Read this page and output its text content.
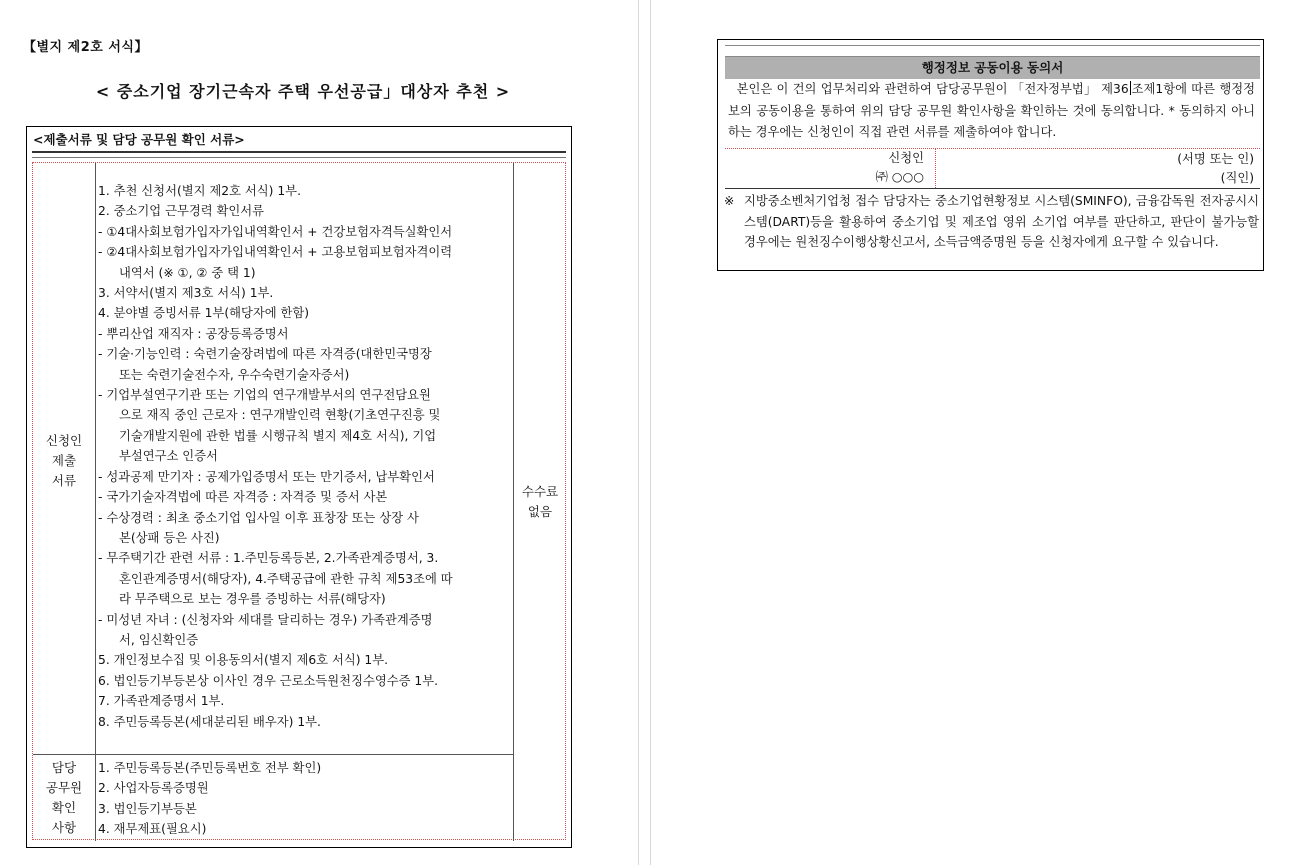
【별지 제2호 서식】
< 중소기업 장기근속자 주택 우선공급」대상자 추천 >
<제출서류 및 담당 공무원 확인 서류>
신청인
제출
서류
1. 추천 신청서(별지 제2호 서식) 1부.
2. 중소기업 근무경력 확인서류
- ①4대사회보험가입자가입내역확인서 + 건강보험자격득실확인서
- ②4대사회보험가입자가입내역확인서 + 고용보험피보험자격이력
내역서 (※ ①, ② 중 택 1)
3. 서약서(별지 제3호 서식) 1부.
4. 분야별 증빙서류 1부(해당자에 한함)
- 뿌리산업 재직자 : 공장등록증명서
- 기술·기능인력 : 숙련기술장려법에 따른 자격증(대한민국명장
또는 숙련기술전수자, 우수숙련기술자증서)
- 기업부설연구기관 또는 기업의 연구개발부서의 연구전담요원
으로 재직 중인 근로자 : 연구개발인력 현황(기초연구진흥 및
기술개발지원에 관한 법률 시행규칙 별지 제4호 서식), 기업
부설연구소 인증서
- 성과공제 만기자 : 공제가입증명서 또는 만기증서, 납부확인서
- 국가기술자격법에 따른 자격증 : 자격증 및 증서 사본
- 수상경력 : 최초 중소기업 입사일 이후 표창장 또는 상장 사
본(상패 등은 사진)
- 무주택기간 관련 서류 : 1.주민등록등본, 2.가족관계증명서, 3.
혼인관계증명서(해당자), 4.주택공급에 관한 규칙 제53조에 따
라 무주택으로 보는 경우를 증빙하는 서류(해당자)
- 미성년 자녀 : (신청자와 세대를 달리하는 경우) 가족관계증명
서, 임신확인증
5. 개인정보수집 및 이용동의서(별지 제6호 서식) 1부.
6. 법인등기부등본상 이사인 경우 근로소득원천징수영수증 1부.
7. 가족관계증명서 1부.
8. 주민등록등본(세대분리된 배우자) 1부.
담당
공무원
확인
사항
1. 주민등록등본(주민등록번호 전부 확인)
2. 사업자등록증명원
3. 법인등기부등본
4. 재무제표(필요시)
수수료
없음
행정정보 공동이용 동의서
본인은 이 건의 업무처리와 관련하여 담당공무원이 「전자정부법」 제36 조제1항에 따른 행정정보의 공동이용을 통하여 위의 담당 공무원 확인사항을 확인하는 것에 동의합니다. * 동의하지 아니하는 경우에는 신청인이 직접 관련 서류를 제출하여야 합니다.
신청인
㈜ ○○○
(서명 또는 인)
(직인)
※ 지방중소벤처기업청 접수 담당자는 중소기업현황정보 시스템(SMINFO), 금융감독원 전자공시시스템(DART)등을 활용하여 중소기업 및 제조업 영위 소기업 여부를 판단하고, 판단이 불가능할 경우에는 원천징수이행상황신고서, 소득금액증명원 등을 신청자에게 요구할 수 있습니다.
